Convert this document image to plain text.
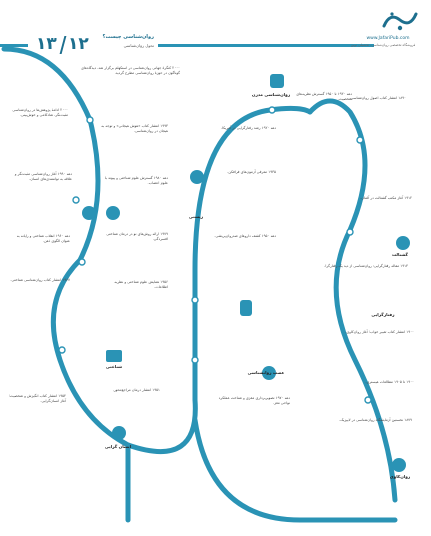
۱۳ ۱۲	روان‌شناسی چیست؟
تحول روان‌شناسی
www.JafariPub.com
فروشگاه تخصصی روان‌شناسی، تحصیلی نوین
روان‌شناسی مدرن
گشتالت
رفتارگرایی
روان‌کاوی
انسان گرایی
شناختی
زیستی
عصب روانشناسی
۲۰۰۰ کنگرهٔ جهانی روان‌شناسی در استکهلم برگزار شد. دیدگاه‌های گوناگون در حوزهٔ روان‌شناسی مطرح گردید.
۲۰۰۰ ادامهٔ پژوهش‌ها در روان‌شناسی مثبت‌نگر، شادکامی و خوش‌بینی.
دهه ۱۹۹۰ آغاز روان‌شناسی مثبت‌نگر و علاقه به توانمندی‌های انسان.
۱۹۹۳ انتشار کتاب «هوش هیجانی» و توجه به هیجان در روان‌شناسی.
دهه ۱۹۸۰ گسترش علوم شناختی و پیوند با علوم اعصاب.
۱۹۷۹ ارائه روش‌های نو در درمان شناختی افسردگی.
دهه ۱۹۶۰ انقلاب شناختی و رایانه به عنوان الگوی ذهن.
۱۹۶۷ انتشار کتاب روان‌شناسی شناختی.	۱۹۵۶ همایش علوم شناختی و نظریه اطلاعات.
۱۹۵۴ انتشار کتاب انگیزش و شخصیت؛ آغاز انسان‌گرایی.
۱۹۵۱ انتشار درمان مراجع‌محور.
دهه ۱۹۳۰ تا ۱۹۵۰ گسترش نظریه‌های شخصیت.
۱۹۳۵ معرفی آزمون‌های فرافکن.
دهه ۱۹۲۰ رشد رفتارگرایی در آمریکا.
۱۹۱۲ آغاز مکتب گشتالت در آلمان.
۱۹۱۳ مقاله رفتارگرایی: روان‌شناسی از دید یک رفتارگرا.
۱۹۰۰ انتشار کتاب تعبیر خواب؛ آغاز روان‌کاوی.
۱۹۰۰ تا ۱۹۰۵ مطالعات هیستری.
۱۸۷۹ نخستین آزمایشگاه روان‌شناسی در لایپزیک.
۱۸۹۰ انتشار کتاب اصول روان‌شناسی.
دهه ۱۹۵۰ کشف داروهای ضدروان‌پریشی.
دهه ۱۹۷۰ تصویربرداری مغزی و شناخت عملکرد نواحی مغز.
